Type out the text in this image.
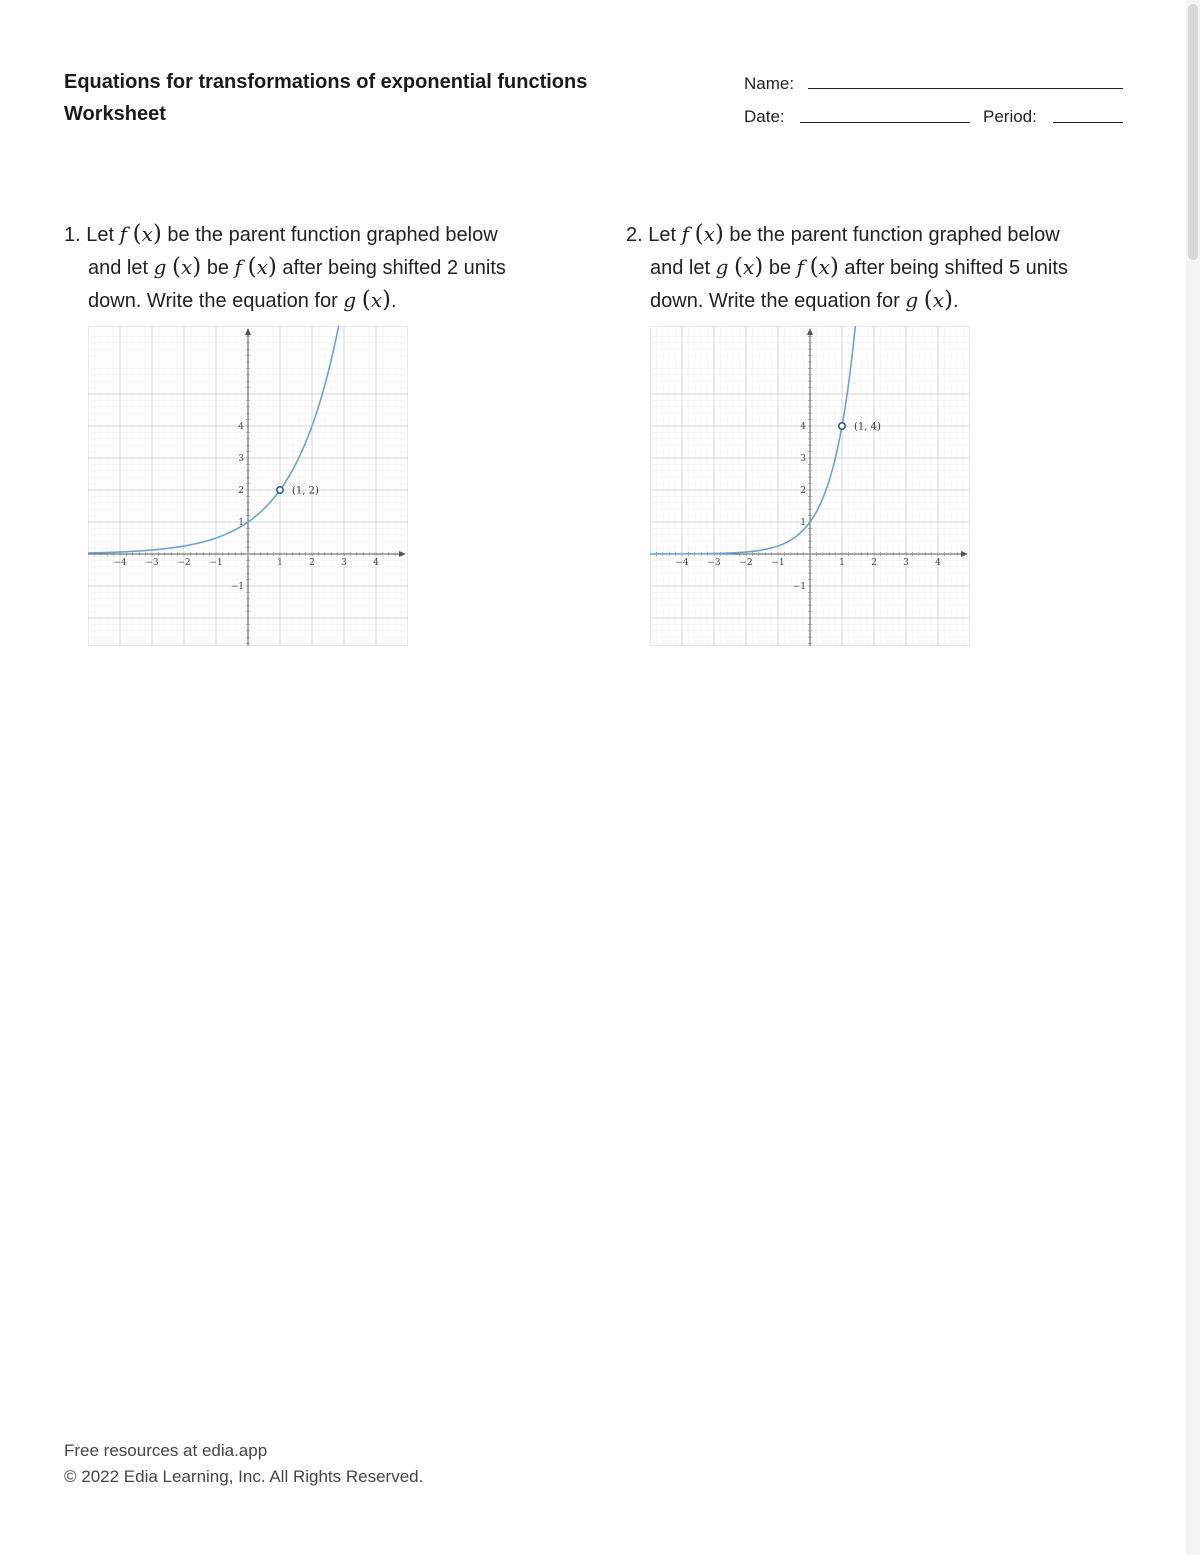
Equations for transformations of exponential functions
Worksheet
Name:
Date:	Period:
1. Let f (x) be the parent function graphed below
and let g (x) be f (x) after being shifted 2 units
down. Write the equation for g (x).
2. Let f (x) be the parent function graphed below
and let g (x) be f (x) after being shifted 5 units
down. Write the equation for g (x).
−4 −3 −2 −1	1	2	3	4
−1
1
2
3
4
(1, 2)
−4 −3 −2 −1	1	2	3	4
−1
1
2
3
4	(1, 4)
Free resources at edia.app
© 2022 Edia Learning, Inc. All Rights Reserved.
